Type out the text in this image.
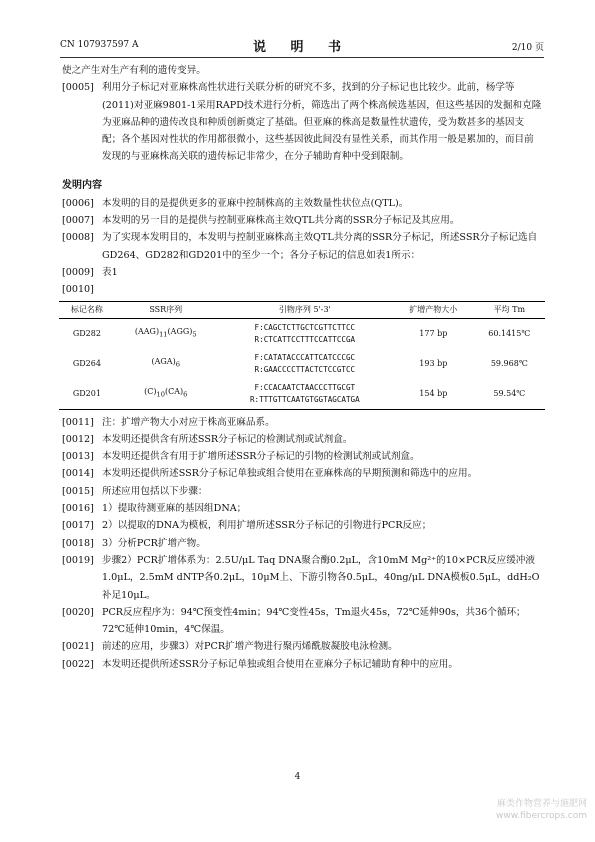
CN 107937597 A	说 明 书	2/10 页

使之产生对生产有利的遗传变异。

[0005] 利用分子标记对亚麻株高性状进行关联分析的研究不多，找到的分子标记也比较少。此前，杨学等(2011)对亚麻9801-1采用RAPD技术进行分析，筛选出了两个株高候选基因，但这些基因的发掘和克隆为亚麻品种的遗传改良和种质创新奠定了基础。但亚麻的株高是数量性状遗传，受为数甚多的基因支配；各个基因对性状的作用都很微小，这些基因彼此间没有显性关系，而其作用一般是累加的，而目前发现的与亚麻株高关联的遗传标记非常少，在分子辅助育种中受到限制。
发明内容
[0006] 本发明的目的是提供更多的亚麻中控制株高的主效数量性状位点(QTL)。
[0007] 本发明的另一目的是提供与控制亚麻株高主效QTL共分离的SSR分子标记及其应用。
[0008] 为了实现本发明目的，本发明与控制亚麻株高主效QTL共分离的SSR分子标记，所述SSR分子标记选自GD264、GD282和GD201中的至少一个；各分子标记的信息如表1所示：
[0009] 表1
[0010]
标记名称	SSR序列	引物序列 5'-3'	扩增产物大小	平均 Tm
GD282	$(AAG)_{11}(AGG)_5$	F:CAGCTCTTGCTCGTTCTTCC
R:CTCATTCCTTTCCATTCCGA	177 bp	60.1415℃
GD264	$(AGA)_6$	F:CATATACCCATTCATCCCGC
R:GAACCCCTTACTCTCCGTCC	193 bp	59.968℃
GD201	$(C)_{10}(CA)_6$	F:CCACAATCTAACCCTTGCGT
R:TTTGTTCAATGTGGTAGCATGA	154 bp	59.54℃
[0011] 注：扩增产物大小对应于株高亚麻品系。
[0012] 本发明还提供含有所述SSR分子标记的检测试剂或试剂盒。
[0013] 本发明还提供含有用于扩增所述SSR分子标记的引物的检测试剂或试剂盒。
[0014] 本发明还提供所述SSR分子标记单独或组合使用在亚麻株高的早期预测和筛选中的应用。
[0015] 所述应用包括以下步骤：
[0016] 1）提取待测亚麻的基因组DNA；
[0017] 2）以提取的DNA为模板，利用扩增所述SSR分子标记的引物进行PCR反应；
[0018] 3）分析PCR扩增产物。
[0019] 步骤2）PCR扩增体系为：2.5U/μL Taq DNA聚合酶0.2μL，含10mM Mg²⁺的10×PCR反应缓冲液1.0μL，2.5mM dNTP各0.2μL，10μM上、下游引物各0.5μL，40ng/μL DNA模板0.5μL，ddH₂O补足10μL。
[0020] PCR反应程序为：94℃预变性4min；94℃变性45s，Tm退火45s，72℃延伸90s，共36个循环；72℃延伸10min，4℃保温。
[0021] 前述的应用，步骤3）对PCR扩增产物进行聚丙烯酰胺凝胶电泳检测。
[0022] 本发明还提供所述SSR分子标记单独或组合使用在亚麻分子标记辅助育种中的应用。
4
麻类作物营养与施肥网
www.fibercrops.com
